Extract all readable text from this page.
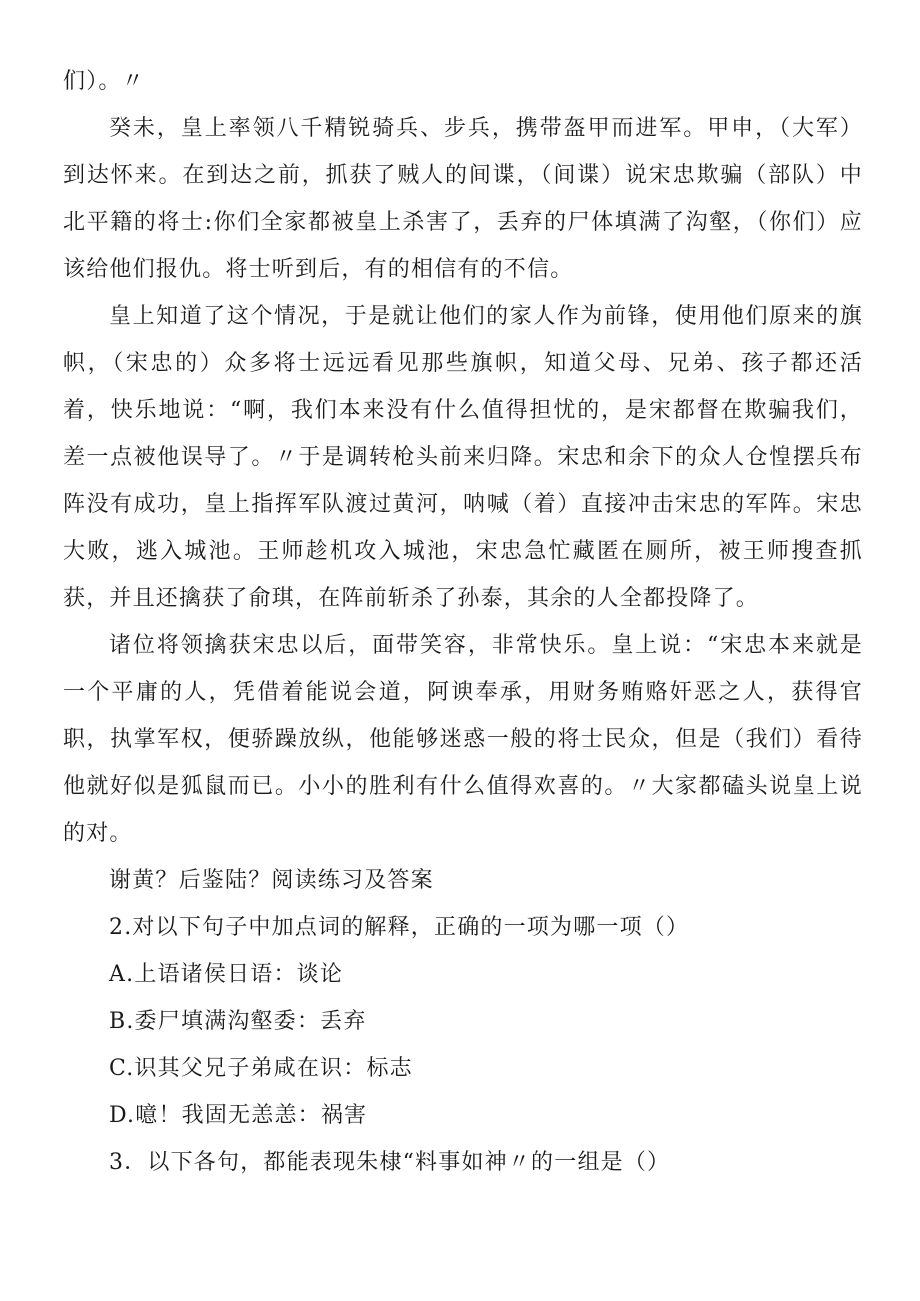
们）。〃

癸未，皇上率领八千精锐骑兵、步兵，携带盔甲而进军。甲申，（大军）到达怀来。在到达之前，抓获了贼人的间谍，（间谍）说宋忠欺骗（部队）中北平籍的将士:你们全家都被皇上杀害了，丢弃的尸体填满了沟壑，（你们）应该给他们报仇。将士听到后，有的相信有的不信。

皇上知道了这个情况，于是就让他们的家人作为前锋，使用他们原来的旗帜，（宋忠的）众多将士远远看见那些旗帜，知道父母、兄弟、孩子都还活着，快乐地说：“啊，我们本来没有什么值得担忧的，是宋都督在欺骗我们，差一点被他误导了。〃于是调转枪头前来归降。宋忠和余下的众人仓惶摆兵布阵没有成功，皇上指挥军队渡过黄河，呐喊（着）直接冲击宋忠的军阵。宋忠大败，逃入城池。王师趁机攻入城池，宋忠急忙藏匿在厕所，被王师搜查抓获，并且还擒获了俞琪，在阵前斩杀了孙泰，其余的人全都投降了。

诸位将领擒获宋忠以后，面带笑容，非常快乐。皇上说：“宋忠本来就是一个平庸的人，凭借着能说会道，阿谀奉承，用财务贿赂奸恶之人，获得官职，执掌军权，便骄躁放纵，他能够迷惑一般的将士民众，但是（我们）看待他就好似是狐鼠而已。小小的胜利有什么值得欢喜的。〃大家都磕头说皇上说的对。

谢黄？后鉴陆？阅读练习及答案

2.对以下句子中加点词的解释，正确的一项为哪一项（）

A.上语诸侯日语：谈论

B.委尸填满沟壑委：丢弃

C.识其父兄子弟咸在识：标志

D.噫！我固无恙恙：祸害

3．以下各句，都能表现朱棣“料事如神〃的一组是（）
